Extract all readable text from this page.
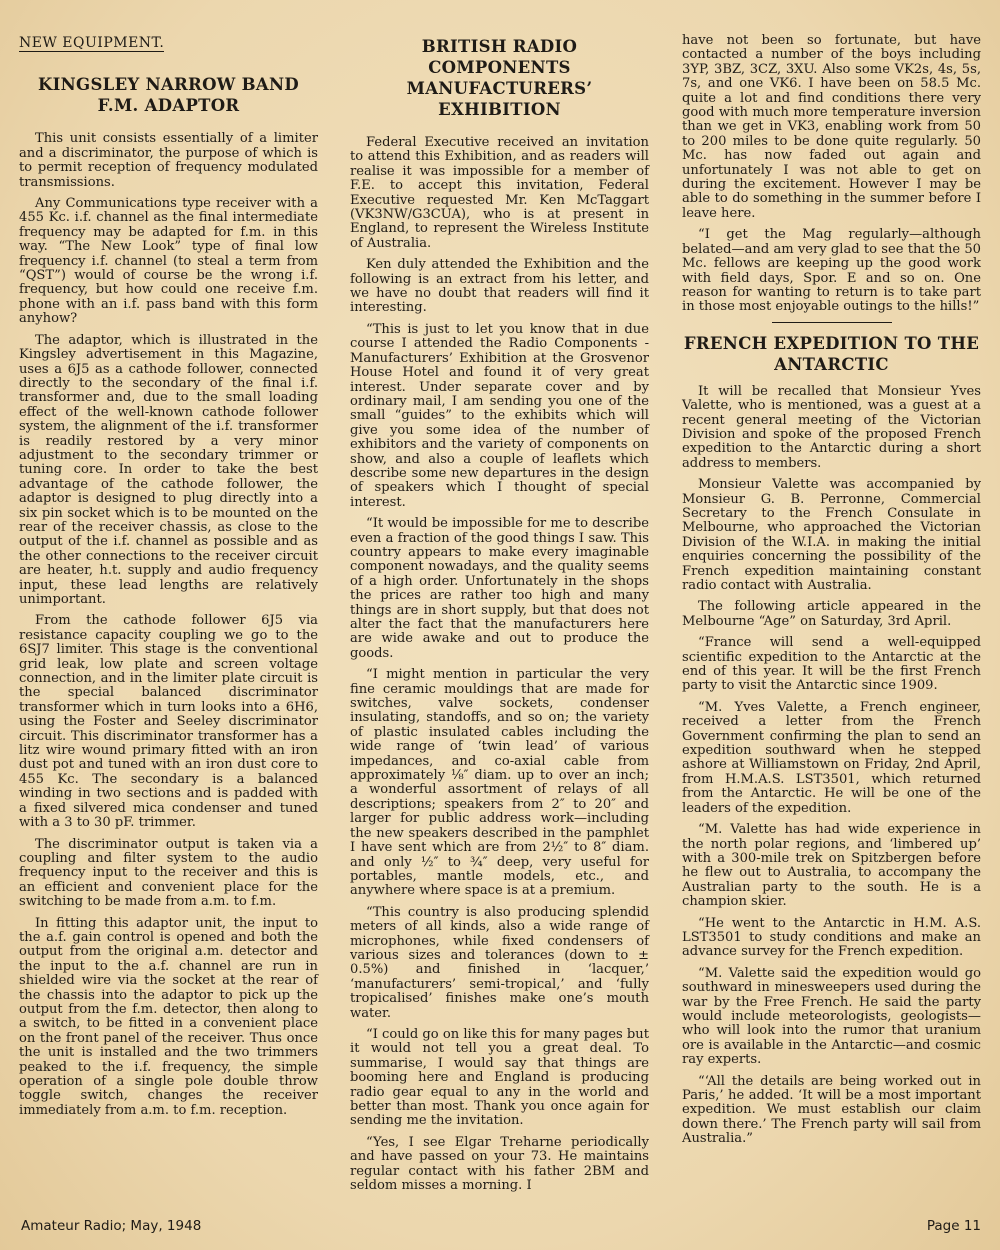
NEW EQUIPMENT.
KINGSLEY NARROW BAND F.M. ADAPTOR

This unit consists essentially of a limiter and a discriminator, the purpose of which is to permit reception of frequency modulated transmissions.

Any Communications type receiver with a 455 Kc. i.f. channel as the final intermediate frequency may be adapted for f.m. in this way. “The New Look” type of final low frequency i.f. channel (to steal a term from “QST”) would of course be the wrong i.f. frequency, but how could one receive f.m. phone with an i.f. pass band with this form anyhow?

The adaptor, which is illustrated in the Kingsley advertisement in this Magazine, uses a 6J5 as a cathode follower, connected directly to the secondary of the final i.f. transformer and, due to the small loading effect of the well-known cathode follower system, the alignment of the i.f. transformer is readily restored by a very minor adjustment to the secondary trimmer or tuning core. In order to take the best advantage of the cathode follower, the adaptor is designed to plug directly into a six pin socket which is to be mounted on the rear of the receiver chassis, as close to the output of the i.f. channel as possible and as the other connections to the receiver circuit are heater, h.t. supply and audio frequency input, these lead lengths are relatively unimportant.

From the cathode follower 6J5 via resistance capacity coupling we go to the 6SJ7 limiter. This stage is the conventional grid leak, low plate and screen voltage connection, and in the limiter plate circuit is the special balanced discriminator transformer which in turn looks into a 6H6, using the Foster and Seeley discriminator circuit. This discriminator transformer has a litz wire wound primary fitted with an iron dust pot and tuned with an iron dust core to 455 Kc. The secondary is a balanced winding in two sections and is padded with a fixed silvered mica condenser and tuned with a 3 to 30 pF. trimmer.

The discriminator output is taken via a coupling and filter system to the audio frequency input to the receiver and this is an efficient and convenient place for the switching to be made from a.m. to f.m.

In fitting this adaptor unit, the input to the a.f. gain control is opened and both the output from the original a.m. detector and the input to the a.f. channel are run in shielded wire via the socket at the rear of the chassis into the adaptor to pick up the output from the f.m. detector, then along to a switch, to be fitted in a convenient place on the front panel of the receiver. Thus once the unit is installed and the two trimmers peaked to the i.f. frequency, the simple operation of a single pole double throw toggle switch, changes the receiver immediately from a.m. to f.m. reception.

BRITISH RADIO COMPONENTS MANUFACTURERS’ EXHIBITION

Federal Executive received an invitation to attend this Exhibition, and as readers will realise it was impossible for a member of F.E. to accept this invitation, Federal Executive requested Mr. Ken McTaggart (VK3NW/G3CUA), who is at present in England, to represent the Wireless Institute of Australia.

Ken duly attended the Exhibition and the following is an extract from his letter, and we have no doubt that readers will find it interesting.

“This is just to let you know that in due course I attended the Radio Components - Manufacturers’ Exhibition at the Grosvenor House Hotel and found it of very great interest. Under separate cover and by ordinary mail, I am sending you one of the small “guides” to the exhibits which will give you some idea of the number of exhibitors and the variety of components on show, and also a couple of leaflets which describe some new departures in the design of speakers which I thought of special interest.

“It would be impossible for me to describe even a fraction of the good things I saw. This country appears to make every imaginable component nowadays, and the quality seems of a high order. Unfortunately in the shops the prices are rather too high and many things are in short supply, but that does not alter the fact that the manufacturers here are wide awake and out to produce the goods.

“I might mention in particular the very fine ceramic mouldings that are made for switches, valve sockets, condenser insulating, standoffs, and so on; the variety of plastic insulated cables including the wide range of ‘twin lead’ of various impedances, and co-axial cable from approximately ⅛″ diam. up to over an inch; a wonderful assortment of relays of all descriptions; speakers from 2″ to 20″ and larger for public address work—including the new speakers described in the pamphlet I have sent which are from 2½″ to 8″ diam. and only ½″ to ¾″ deep, very useful for portables, mantle models, etc., and anywhere where space is at a premium.

“This country is also producing splendid meters of all kinds, also a wide range of microphones, while fixed condensers of various sizes and tolerances (down to ± 0.5%) and finished in ‘lacquer,’ ‘manufacturers’ semi-tropical,’ and ‘fully tropicalised’ finishes make one’s mouth water.

“I could go on like this for many pages but it would not tell you a great deal. To summarise, I would say that things are booming here and England is producing radio gear equal to any in the world and better than most. Thank you once again for sending me the invitation.

“Yes, I see Elgar Treharne periodically and have passed on your 73. He maintains regular contact with his father 2BM and seldom misses a morning. I

have not been so fortunate, but have contacted a number of the boys including 3YP, 3BZ, 3CZ, 3XU. Also some VK2s, 4s, 5s, 7s, and one VK6. I have been on 58.5 Mc. quite a lot and find conditions there very good with much more temperature inversion than we get in VK3, enabling work from 50 to 200 miles to be done quite regularly. 50 Mc. has now faded out again and unfortunately I was not able to get on during the excitement. However I may be able to do something in the summer before I leave here.

“I get the Mag regularly—although belated—and am very glad to see that the 50 Mc. fellows are keeping up the good work with field days, Spor. E and so on. One reason for wanting to return is to take part in those most enjoyable outings to the hills!”

FRENCH EXPEDITION TO THE ANTARCTIC

It will be recalled that Monsieur Yves Valette, who is mentioned, was a guest at a recent general meeting of the Victorian Division and spoke of the proposed French expedition to the Antarctic during a short address to members.

Monsieur Valette was accompanied by Monsieur G. B. Perronne, Commercial Secretary to the French Consulate in Melbourne, who approached the Victorian Division of the W.I.A. in making the initial enquiries concerning the possibility of the French expedition maintaining constant radio contact with Australia.

The following article appeared in the Melbourne “Age” on Saturday, 3rd April.

“France will send a well-equipped scientific expedition to the Antarctic at the end of this year. It will be the first French party to visit the Antarctic since 1909.

“M. Yves Valette, a French engineer, received a letter from the French Government confirming the plan to send an expedition southward when he stepped ashore at Williamstown on Friday, 2nd April, from H.M.A.S. LST3501, which returned from the Antarctic. He will be one of the leaders of the expedition.

“M. Valette has had wide experience in the north polar regions, and ‘limbered up’ with a 300-mile trek on Spitzbergen before he flew out to Australia, to accompany the Australian party to the south. He is a champion skier.

“He went to the Antarctic in H.M. A.S. LST3501 to study conditions and make an advance survey for the French expedition.

“M. Valette said the expedition would go southward in minesweepers used during the war by the Free French. He said the party would include meteorologists, geologists—who will look into the rumor that uranium ore is available in the Antarctic—and cosmic ray experts.

“‘All the details are being worked out in Paris,’ he added. ‘It will be a most important expedition. We must establish our claim down there.’ The French party will sail from Australia.”

Amateur Radio; May, 1948	Page 11
